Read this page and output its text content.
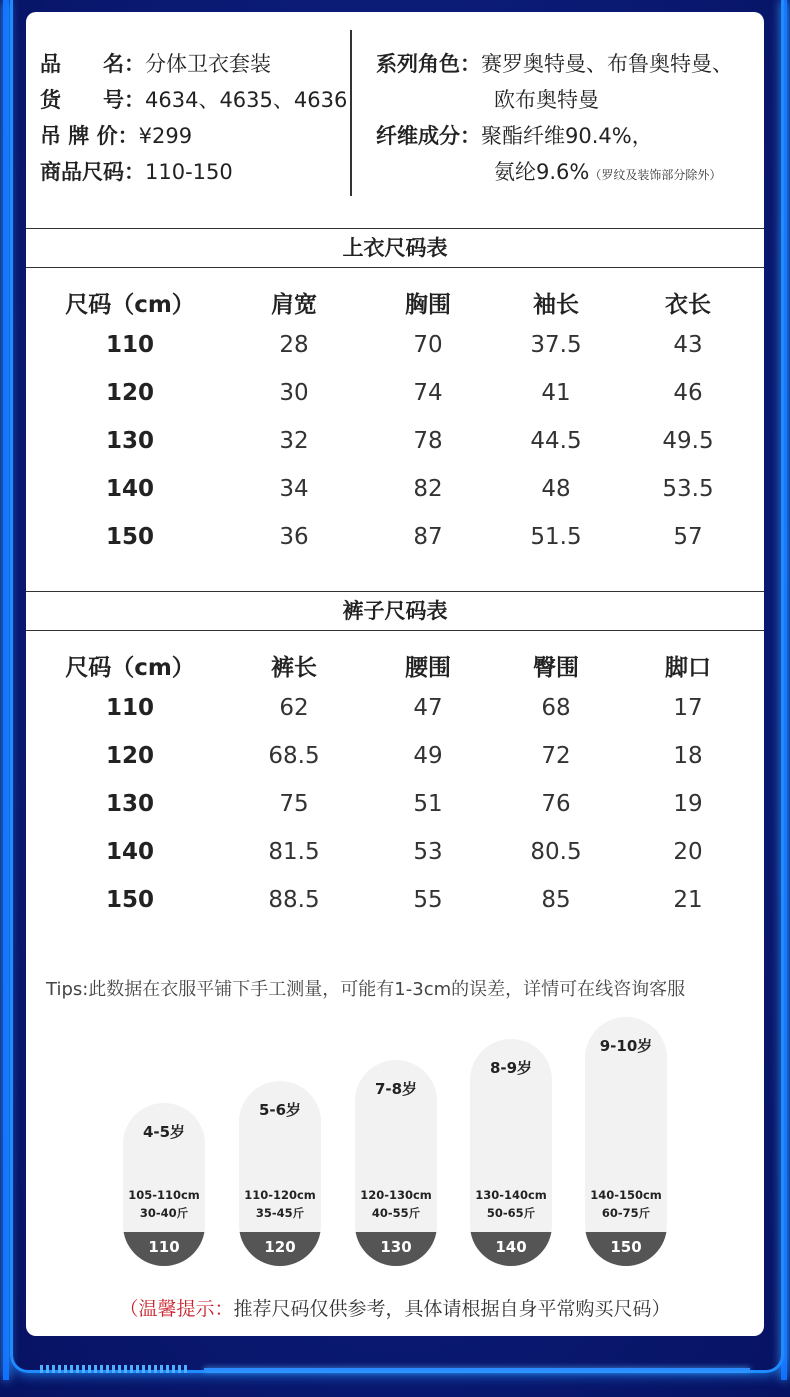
品　　名：分体卫衣套装
货　　号：4634、4635、4636
吊 牌 价：¥299
商品尺码：110-150
系列角色：赛罗奥特曼、布鲁奥特曼、
欧布奥特曼
纤维成分：聚酯纤维90.4%，
氨纶9.6%（罗纹及装饰部分除外）
上衣尺码表
尺码（cm）	肩宽	胸围	袖长	衣长
110	28	70	37.5	43
120	30	74	41	46
130	32	78	44.5	49.5
140	34	82	48	53.5
150	36	87	51.5	57
裤子尺码表
尺码（cm）	裤长	腰围	臀围	脚口
110	62	47	68	17
120	68.5	49	72	18
130	75	51	76	19
140	81.5	53	80.5	20
150	88.5	55	85	21
Tips:此数据在衣服平铺下手工测量，可能有1-3cm的误差，详情可在线咨询客服
4-5岁
105-110cm
30-40斤
110
5-6岁
110-120cm
35-45斤
120
7-8岁
120-130cm
40-55斤
130
8-9岁
130-140cm
50-65斤
140
9-10岁
140-150cm
60-75斤
150
（温馨提示：推荐尺码仅供参考，具体请根据自身平常购买尺码）
